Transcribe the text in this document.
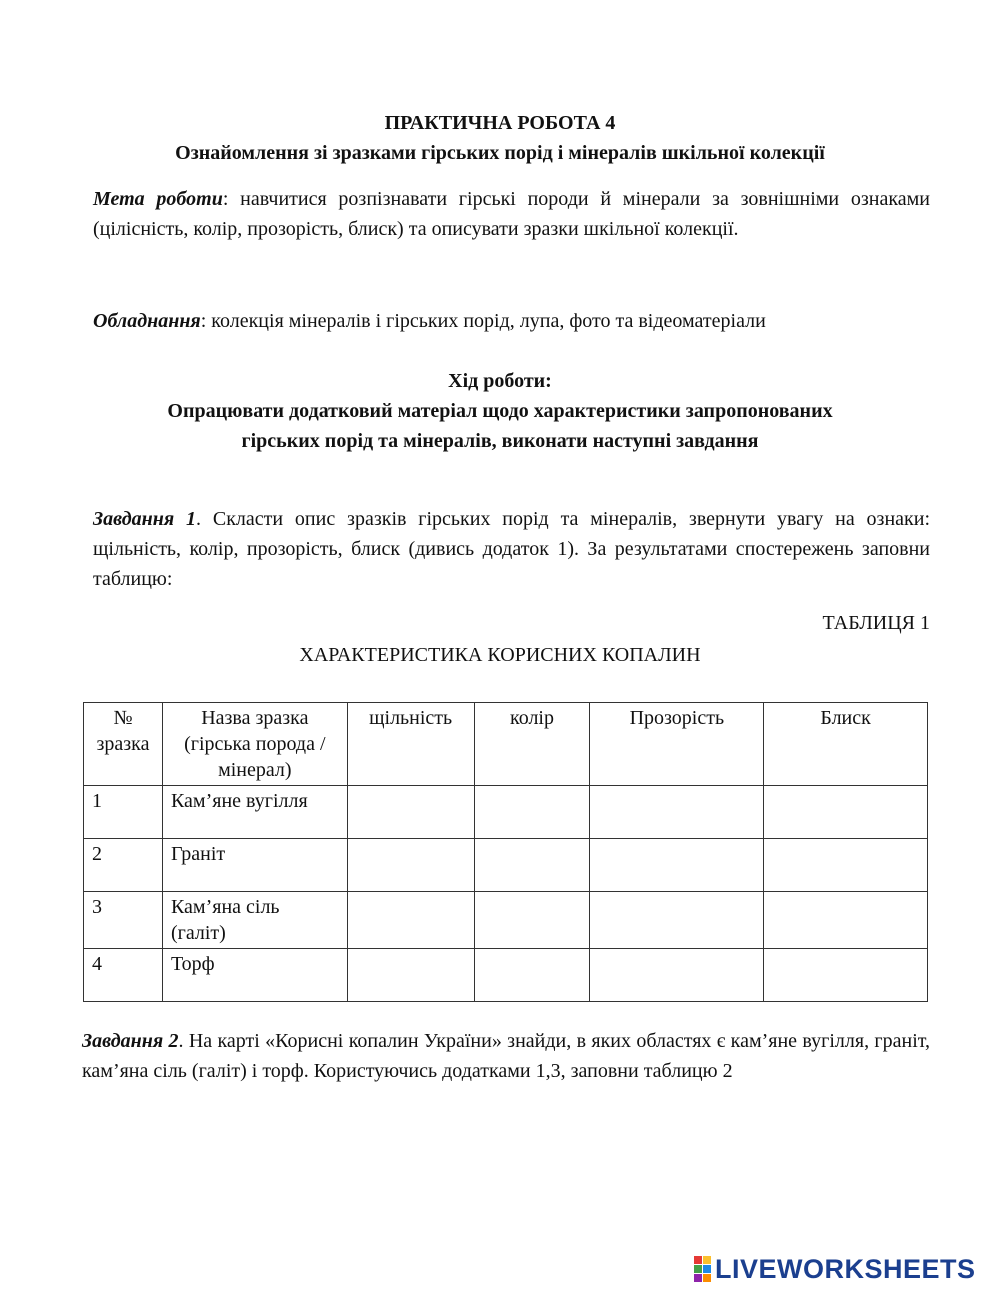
ПРАКТИЧНА РОБОТА 4
Ознайомлення зі зразками гірських порід і мінералів шкільної колекції
Мета роботи: навчитися розпізнавати гірські породи й мінерали за зовнішніми ознаками (цілісність, колір, прозорість, блиск) та описувати зразки шкільної колекції.
Обладнання: колекція мінералів і гірських порід, лупа, фото та відеоматеріали
Хід роботи:
Опрацювати додатковий матеріал щодо характеристики запропонованих
гірських порід та мінералів, виконати наступні завдання
Завдання 1. Скласти опис зразків гірських порід та мінералів, звернути увагу на ознаки: щільність, колір, прозорість, блиск (дивись додаток 1). За результатами спостережень заповни таблицю:
ТАБЛИЦЯ 1
ХАРАКТЕРИСТИКА КОРИСНИХ КОПАЛИН
№ зразка	Назва зразка (гірська порода / мінерал)	щільність	колір	Прозорість	Блиск
1	Кам’яне вугілля				
2	Граніт				
3	Кам’яна сіль (галіт)				
4	Торф				
Завдання 2. На карті «Корисні копалин України» знайди, в яких областях є кам’яне вугілля, граніт, кам’яна сіль (галіт) і торф. Користуючись додатками 1,3, заповни таблицю 2
LIVEWORKSHEETS
